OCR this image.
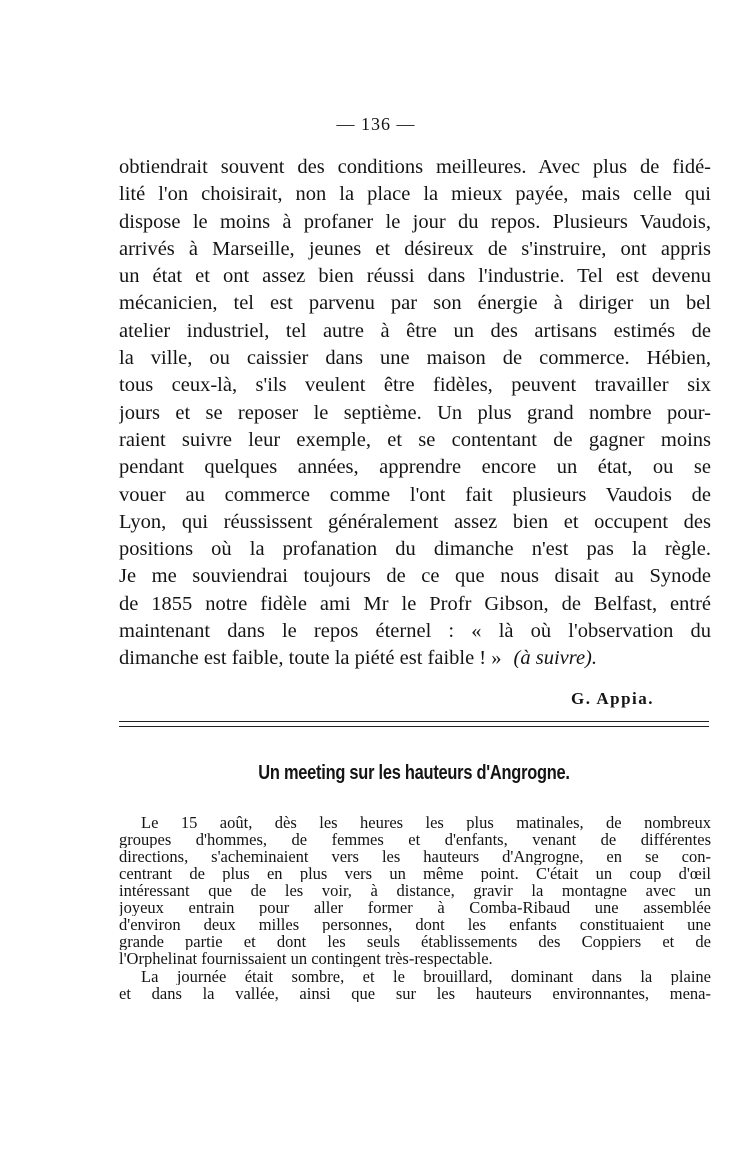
— 136 —
obtiendrait souvent des conditions meilleures. Avec plus de fidé-
lité l'on choisirait, non la place la mieux payée, mais celle qui
dispose le moins à profaner le jour du repos. Plusieurs Vaudois,
arrivés à Marseille, jeunes et désireux de s'instruire, ont appris
un état et ont assez bien réussi dans l'industrie. Tel est devenu
mécanicien, tel est parvenu par son énergie à diriger un bel
atelier industriel, tel autre à être un des artisans estimés de
la ville, ou caissier dans une maison de commerce. Hébien,
tous ceux-là, s'ils veulent être fidèles, peuvent travailler six
jours et se reposer le septième. Un plus grand nombre pour-
raient suivre leur exemple, et se contentant de gagner moins
pendant quelques années, apprendre encore un état, ou se
vouer au commerce comme l'ont fait plusieurs Vaudois de
Lyon, qui réussissent généralement assez bien et occupent des
positions où la profanation du dimanche n'est pas la règle.
Je me souviendrai toujours de ce que nous disait au Synode
de 1855 notre fidèle ami Mr le Profr Gibson, de Belfast, entré
maintenant dans le repos éternel : « là où l'observation du
dimanche est faible, toute la piété est faible ! » (à suivre).
G. Appia.
Un meeting sur les hauteurs d'Angrogne.
Le 15 août, dès les heures les plus matinales, de nombreux
groupes d'hommes, de femmes et d'enfants, venant de différentes
directions, s'acheminaient vers les hauteurs d'Angrogne, en se con-
centrant de plus en plus vers un même point. C'était un coup d'œil
intéressant que de les voir, à distance, gravir la montagne avec un
joyeux entrain pour aller former à Comba-Ribaud une assemblée
d'environ deux milles personnes, dont les enfants constituaient une
grande partie et dont les seuls établissements des Coppiers et de
l'Orphelinat fournissaient un contingent très-respectable.
La journée était sombre, et le brouillard, dominant dans la plaine
et dans la vallée, ainsi que sur les hauteurs environnantes, mena-
